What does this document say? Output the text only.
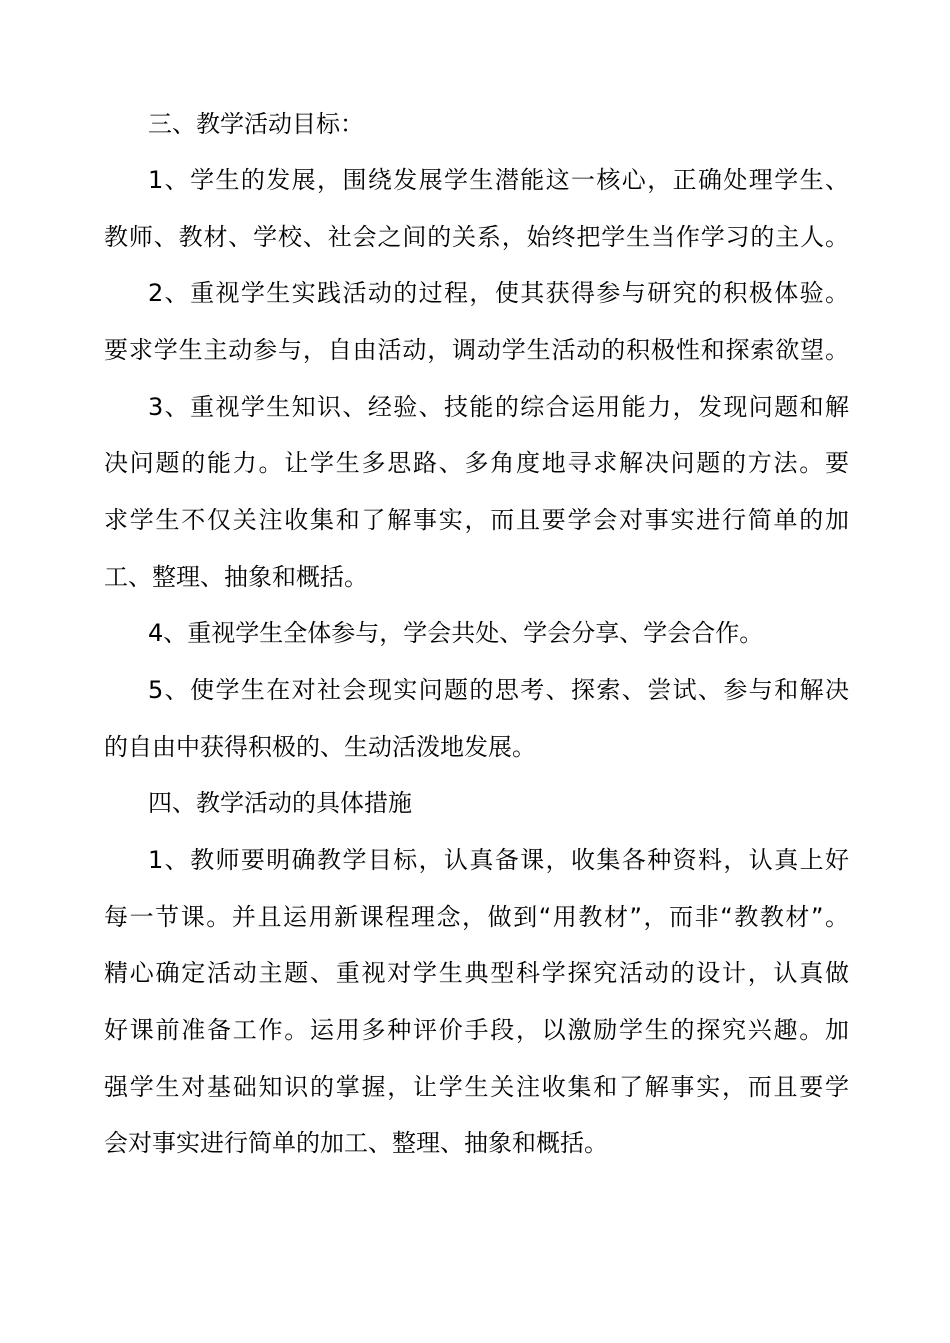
三、教学活动目标：
1、学生的发展，围绕发展学生潜能这一核心，正确处理学生、
教师、教材、学校、社会之间的关系，始终把学生当作学习的主人。
2、重视学生实践活动的过程，使其获得参与研究的积极体验。
要求学生主动参与，自由活动，调动学生活动的积极性和探索欲望。
3、重视学生知识、经验、技能的综合运用能力，发现问题和解
决问题的能力。让学生多思路、多角度地寻求解决问题的方法。要
求学生不仅关注收集和了解事实，而且要学会对事实进行简单的加
工、整理、抽象和概括。
4、重视学生全体参与，学会共处、学会分享、学会合作。
5、使学生在对社会现实问题的思考、探索、尝试、参与和解决
的自由中获得积极的、生动活泼地发展。
四、教学活动的具体措施
1、教师要明确教学目标，认真备课，收集各种资料，认真上好
每一节课。并且运用新课程理念，做到“用教材”，而非“教教材”。
精心确定活动主题、重视对学生典型科学探究活动的设计，认真做
好课前准备工作。运用多种评价手段，以激励学生的探究兴趣。加
强学生对基础知识的掌握，让学生关注收集和了解事实，而且要学
会对事实进行简单的加工、整理、抽象和概括。
